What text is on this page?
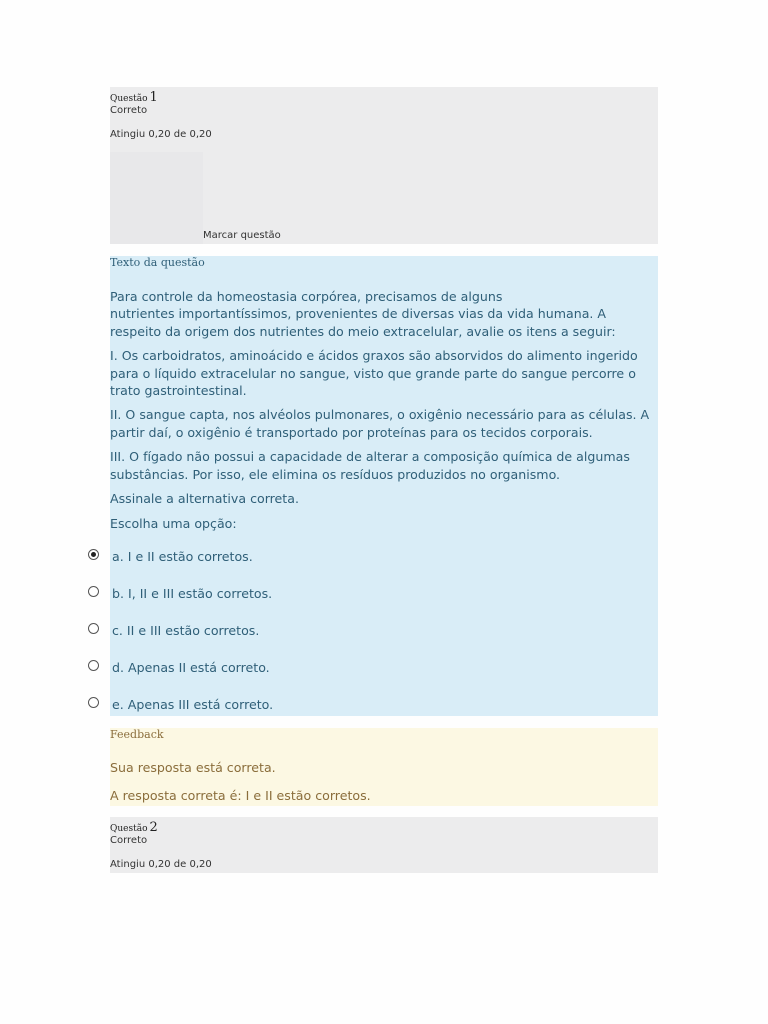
Questão 1
Correto
Atingiu 0,20 de 0,20
Marcar questão
Texto da questão

Para controle da homeostasia corpórea, precisamos de alguns

nutrientes importantíssimos, provenientes de diversas vias da vida humana. A respeito da origem dos nutrientes do meio extracelular, avalie os itens a seguir:

I. Os carboidratos, aminoácido e ácidos graxos são absorvidos do alimento ingerido para o líquido extracelular no sangue, visto que grande parte do sangue percorre o trato gastrointestinal.

II. O sangue capta, nos alvéolos pulmonares, o oxigênio necessário para as células. A partir daí, o oxigênio é transportado por proteínas para os tecidos corporais.

III. O fígado não possui a capacidade de alterar a composição química de algumas substâncias. Por isso, ele elimina os resíduos produzidos no organismo.

Assinale a alternativa correta.

Escolha uma opção:

a. I e II estão corretos.
b. I, II e III estão corretos.
c. II e III estão corretos.
d. Apenas II está correto.
e. Apenas III está correto.
Feedback
Sua resposta está correta.
A resposta correta é: I e II estão corretos.
Questão 2
Correto
Atingiu 0,20 de 0,20
